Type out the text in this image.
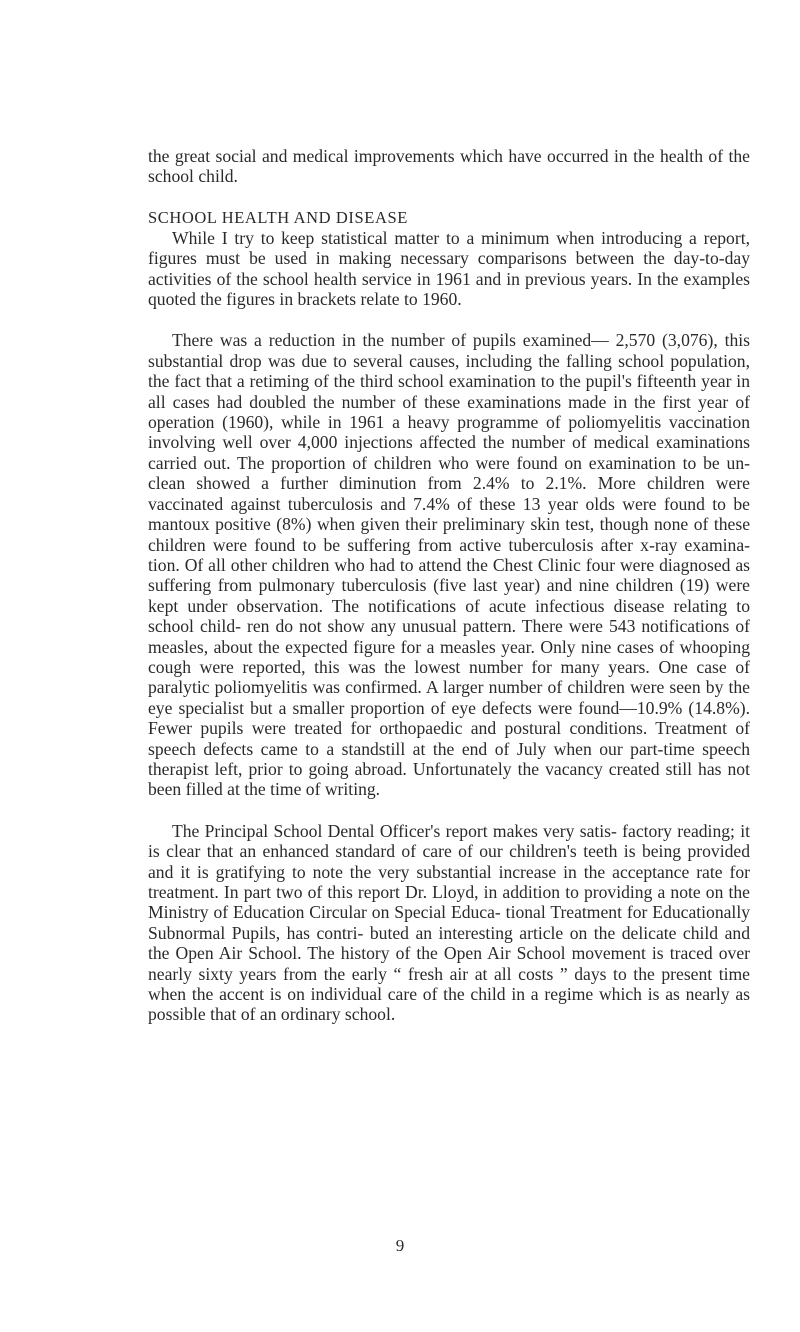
the great social and medical improvements which have occurred in the health of the school child.

SCHOOL HEALTH AND DISEASE

While I try to keep statistical matter to a minimum when introducing a report, figures must be used in making necessary comparisons between the day-to-day activities of the school health service in 1961 and in previous years. In the examples quoted the figures in brackets relate to 1960.

There was a reduction in the number of pupils examined— 2,570 (3,076), this substantial drop was due to several causes, including the falling school population, the fact that a retiming of the third school examination to the pupil's fifteenth year in all cases had doubled the number of these examinations made in the first year of operation (1960), while in 1961 a heavy programme of poliomyelitis vaccination involving well over 4,000 injections affected the number of medical examinations carried out. The proportion of children who were found on examination to be un- clean showed a further diminution from 2.4% to 2.1%. More children were vaccinated against tuberculosis and 7.4% of these 13 year olds were found to be mantoux positive (8%) when given their preliminary skin test, though none of these children were found to be suffering from active tuberculosis after x-ray examina- tion. Of all other children who had to attend the Chest Clinic four were diagnosed as suffering from pulmonary tuberculosis (five last year) and nine children (19) were kept under observation. The notifications of acute infectious disease relating to school child- ren do not show any unusual pattern. There were 543 notifications of measles, about the expected figure for a measles year. Only nine cases of whooping cough were reported, this was the lowest number for many years. One case of paralytic poliomyelitis was confirmed. A larger number of children were seen by the eye specialist but a smaller proportion of eye defects were found—10.9% (14.8%). Fewer pupils were treated for orthopaedic and postural conditions. Treatment of speech defects came to a standstill at the end of July when our part-time speech therapist left, prior to going abroad. Unfortunately the vacancy created still has not been filled at the time of writing.

The Principal School Dental Officer's report makes very satis- factory reading; it is clear that an enhanced standard of care of our children's teeth is being provided and it is gratifying to note the very substantial increase in the acceptance rate for treatment. In part two of this report Dr. Lloyd, in addition to providing a note on the Ministry of Education Circular on Special Educa- tional Treatment for Educationally Subnormal Pupils, has contri- buted an interesting article on the delicate child and the Open Air School. The history of the Open Air School movement is traced over nearly sixty years from the early “ fresh air at all costs ” days to the present time when the accent is on individual care of the child in a regime which is as nearly as possible that of an ordinary school.

9
